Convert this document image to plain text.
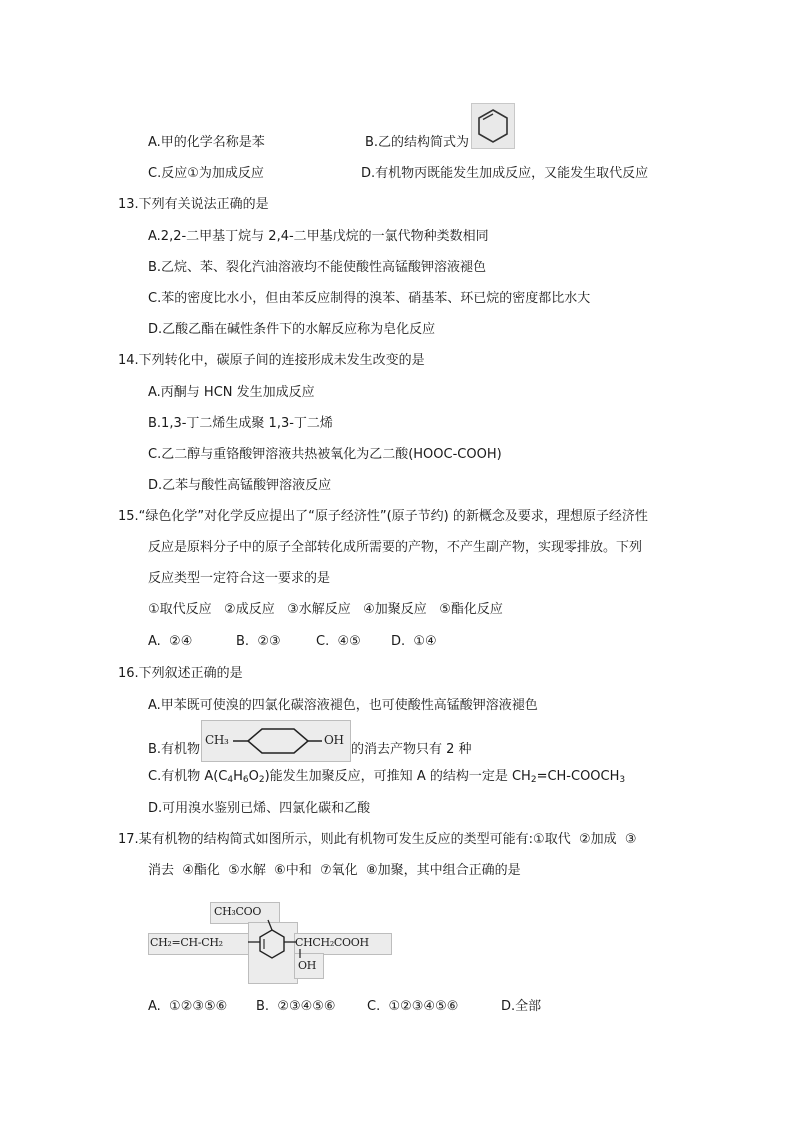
A.甲的化学名称是苯	B.乙的结构简式为
C.反应①为加成反应	D.有机物丙既能发生加成反应，又能发生取代反应
13.下列有关说法正确的是
A.2,2-二甲基丁烷与 2,4-二甲基戊烷的一氯代物种类数相同
B.乙烷、苯、裂化汽油溶液均不能使酸性高锰酸钾溶液褪色
C.苯的密度比水小，但由苯反应制得的溴苯、硝基苯、环已烷的密度都比水大
D.乙酸乙酯在碱性条件下的水解反应称为皂化反应
14.下列转化中，碳原子间的连接形成未发生改变的是
A.丙酮与 HCN 发生加成反应
B.1,3-丁二烯生成聚 1,3-丁二烯
C.乙二醇与重铬酸钾溶液共热被氧化为乙二酸(HOOC-COOH)
D.乙苯与酸性高锰酸钾溶液反应
15.“绿色化学”对化学反应提出了“原子经济性”(原子节约) 的新概念及要求，理想原子经济性
反应是原料分子中的原子全部转化成所需要的产物，不产生副产物，实现零排放。下列
反应类型一定符合这一要求的是
①取代反应   ②成反应   ③水解反应   ④加聚反应   ⑤酯化反应
A.  ②④	B.  ②③	C.  ④⑤ D.  ①④
16.下列叙述正确的是
A.甲苯既可使溴的四氯化碳溶液褪色，也可使酸性高锰酸钾溶液褪色
B.有机物
CH₃	OH
的消去产物只有 2 种
C.有机物 $A(C_4H_6O_2)$能发生加聚反应，可推知 A 的结构一定是 $CH_2=CH-COOCH_3$
D.可用溴水鉴别已烯、四氯化碳和乙酸
17.某有机物的结构简式如图所示，则此有机物可发生反应的类型可能有:①取代  ②加成  ③
消去  ④酯化  ⑤水解  ⑥中和  ⑦氧化  ⑧加聚，其中组合正确的是
CH₃COO
CH₂=CH-CH₂	CHCH₂COOH
OH
A.  ①②③⑤⑥ B.  ②③④⑤⑥ C.  ①②③④⑤⑥	D.全部
